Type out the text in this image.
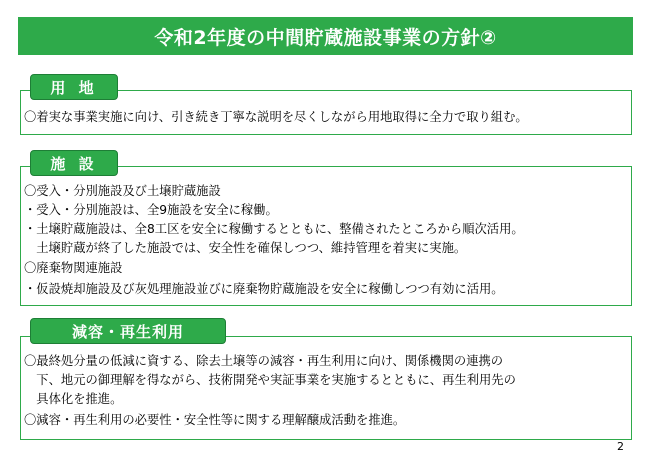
令和2年度の中間貯蔵施設事業の方針②
用 地
〇着実な事業実施に向け、引き続き丁寧な説明を尽くしながら用地取得に全力で取り組む。
施 設
〇受入・分別施設及び土壌貯蔵施設
・受入・分別施設は、全9施設を安全に稼働。
・土壌貯蔵施設は、全8工区を安全に稼働するとともに、整備されたところから順次活用。
　土壌貯蔵が終了した施設では、安全性を確保しつつ、維持管理を着実に実施。
〇廃棄物関連施設
・仮設焼却施設及び灰処理施設並びに廃棄物貯蔵施設を安全に稼働しつつ有効に活用。
減容・再生利用
〇最終処分量の低減に資する、除去土壌等の減容・再生利用に向け、関係機関の連携の
　下、地元の御理解を得ながら、技術開発や実証事業を実施するとともに、再生利用先の
　具体化を推進。
〇減容・再生利用の必要性・安全性等に関する理解醸成活動を推進。
2
